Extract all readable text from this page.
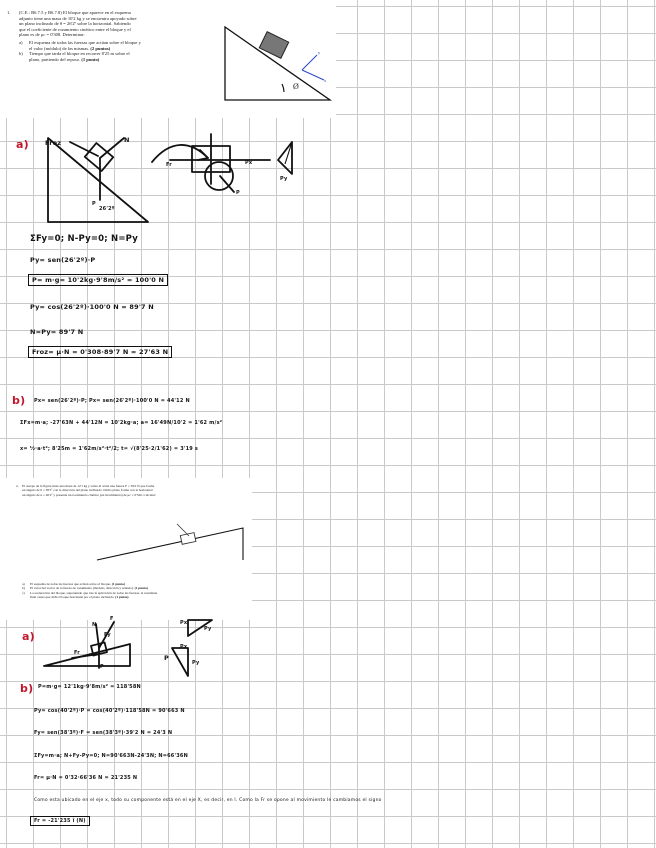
1.	(C.E.: B6.7.5 y B6.7.8) El bloque que aparece en el esquema
adjunto tiene una masa de 10'2 kg y se encuentra apoyado sobre
un plano inclinado de θ = 26'2º sobre la horizontal. Sabiendo
que el coeficiente de rozamiento cinético entre el bloque y el
plano es de μc = 0'308. Determinar:
a)	El esquema de todas las fuerzas que actúan sobre el bloque y
el valor (módulo) de las mismas. (2 puntos)
b)	Tiempo que tarda el bloque en recorrer 8'25 m sobre el
plano, partiendo del reposo. (1 punto)
Ø
x
y
a)	N
Froz
P
26'2º
Px
Py
Fr
P
ΣFy=0; N-Py=0; N=Py
Py= sen(26'2º)·P
P= m·g= 10'2kg·9'8m/s² = 100'0 N
Py= cos(26'2º)·100'0 N = 89'7 N
N=Py= 89'7 N
Froz= μ·N = 0'308·89'7 N = 27'63 N
b) Px= sen(26'2º)·P; Px= sen(26'2º)·100'0 N = 44'12 N
ΣFx=m·a; -27'63N + 44'12N = 10'2kg·a; a= 16'49N/10'2 = 1'62 m/s²
x= ½·a·t²; 8'25m = 1'62m/s²·t²/2; t= √(8'25·2/1'62) = 3'19 s
2.	El cuerpo de la figura tiene una masa de 12'1 kg y sobre él actúa una fuerza F = 39'2 N que forma
un ángulo de θ = 38'3º con la dirección del plano inclinado. Dicho plano forma con la horizontal
un ángulo de α = 40'2º y presenta un rozamiento cinético (en movimiento) de μc = 0'320. Calcular:
a)	El esquema de todas las fuerzas que actúan sobre el bloque. (1 punto)
b)	El valor del vector de la fuerza de rozamiento (módulo, dirección y sentido). (1 punto)
c)	La aceleración del bloque, suponiendo que tras la aplicación de todas las fuerzas, la resultante
final causa que dicho bloque descienda por el plano inclinado. (1 punto)
a)
N
F
Fy
Fr
P
Px
Py
P
Px
Py
b) P=m·g= 12'1kg·9'8m/s² = 118'58N
Py= cos(40'2º)·P = cos(40'2º)·118'58N = 90'663 N
Fy= sen(38'3º)·F = sen(38'3º)·39'2 N = 24'3 N
ΣFy=m·a; N+Fy-Py=0; N=90'663N-24'3N; N=66'36N
Fr= μ·N = 0'32·66'36 N = 21'235 N
Como esta ubicado en el eje x, todo su componente está en el eje X, es decir, en î. Como la Fr se opone al movimiento le cambiamos el signo
Fr = -21'235 î (N)
